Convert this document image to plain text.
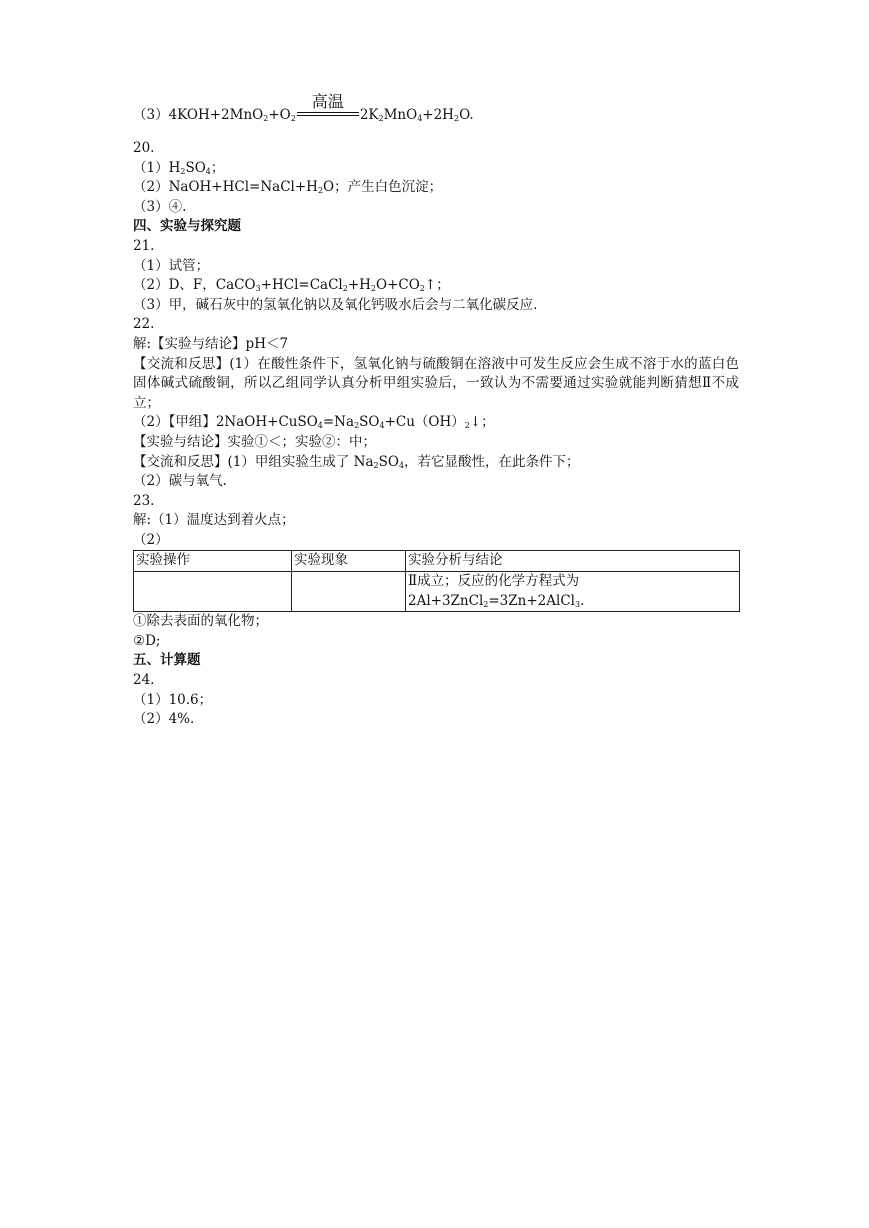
$(3)4KOH+2MnO_2+O_2$
高温
$2K_2MnO_4+2H_2O$.
20.
$(1)H_2SO_4$；
$(2)NaOH+HCl=NaCl+H_2O$；产生白色沉淀；
（3）④.
四、实验与探究题
21.
（1）试管；
（2）D、F，$CaCO_3+HCl=CaCl_2+H_2O+CO_2↑$；
（3）甲，碱石灰中的氢氧化钠以及氧化钙吸水后会与二氧化碳反应.
22.
解:【实验与结论】pH＜7
【交流和反思】(1）在酸性条件下，氢氧化钠与硫酸铜在溶液中可发生反应会生成不溶于水的蓝白色固体碱式硫酸铜，所以乙组同学认真分析甲组实验后，一致认为不需要通过实验就能判断猜想Ⅱ不成立；
（2）【甲组】$2NaOH+CuSO_4=Na_2SO_4+Cu(OH)_2↓$；
【实验与结论】实验①＜；实验②：中；
【交流和反思】(1）甲组实验生成了 $Na_2SO_4$，若它显酸性，在此条件下；
（2）碳与氧气.
23.
解:（1）温度达到着火点；
（2）
实验操作	实验现象	实验分析与结论

		Ⅱ成立；反应的化学方程式为
2Al+3ZnCl$_2$=3Zn+2AlCl$_3$.
①除去表面的氧化物；
②D;
五、计算题
24.
（1）10.6；
（2）4%.
